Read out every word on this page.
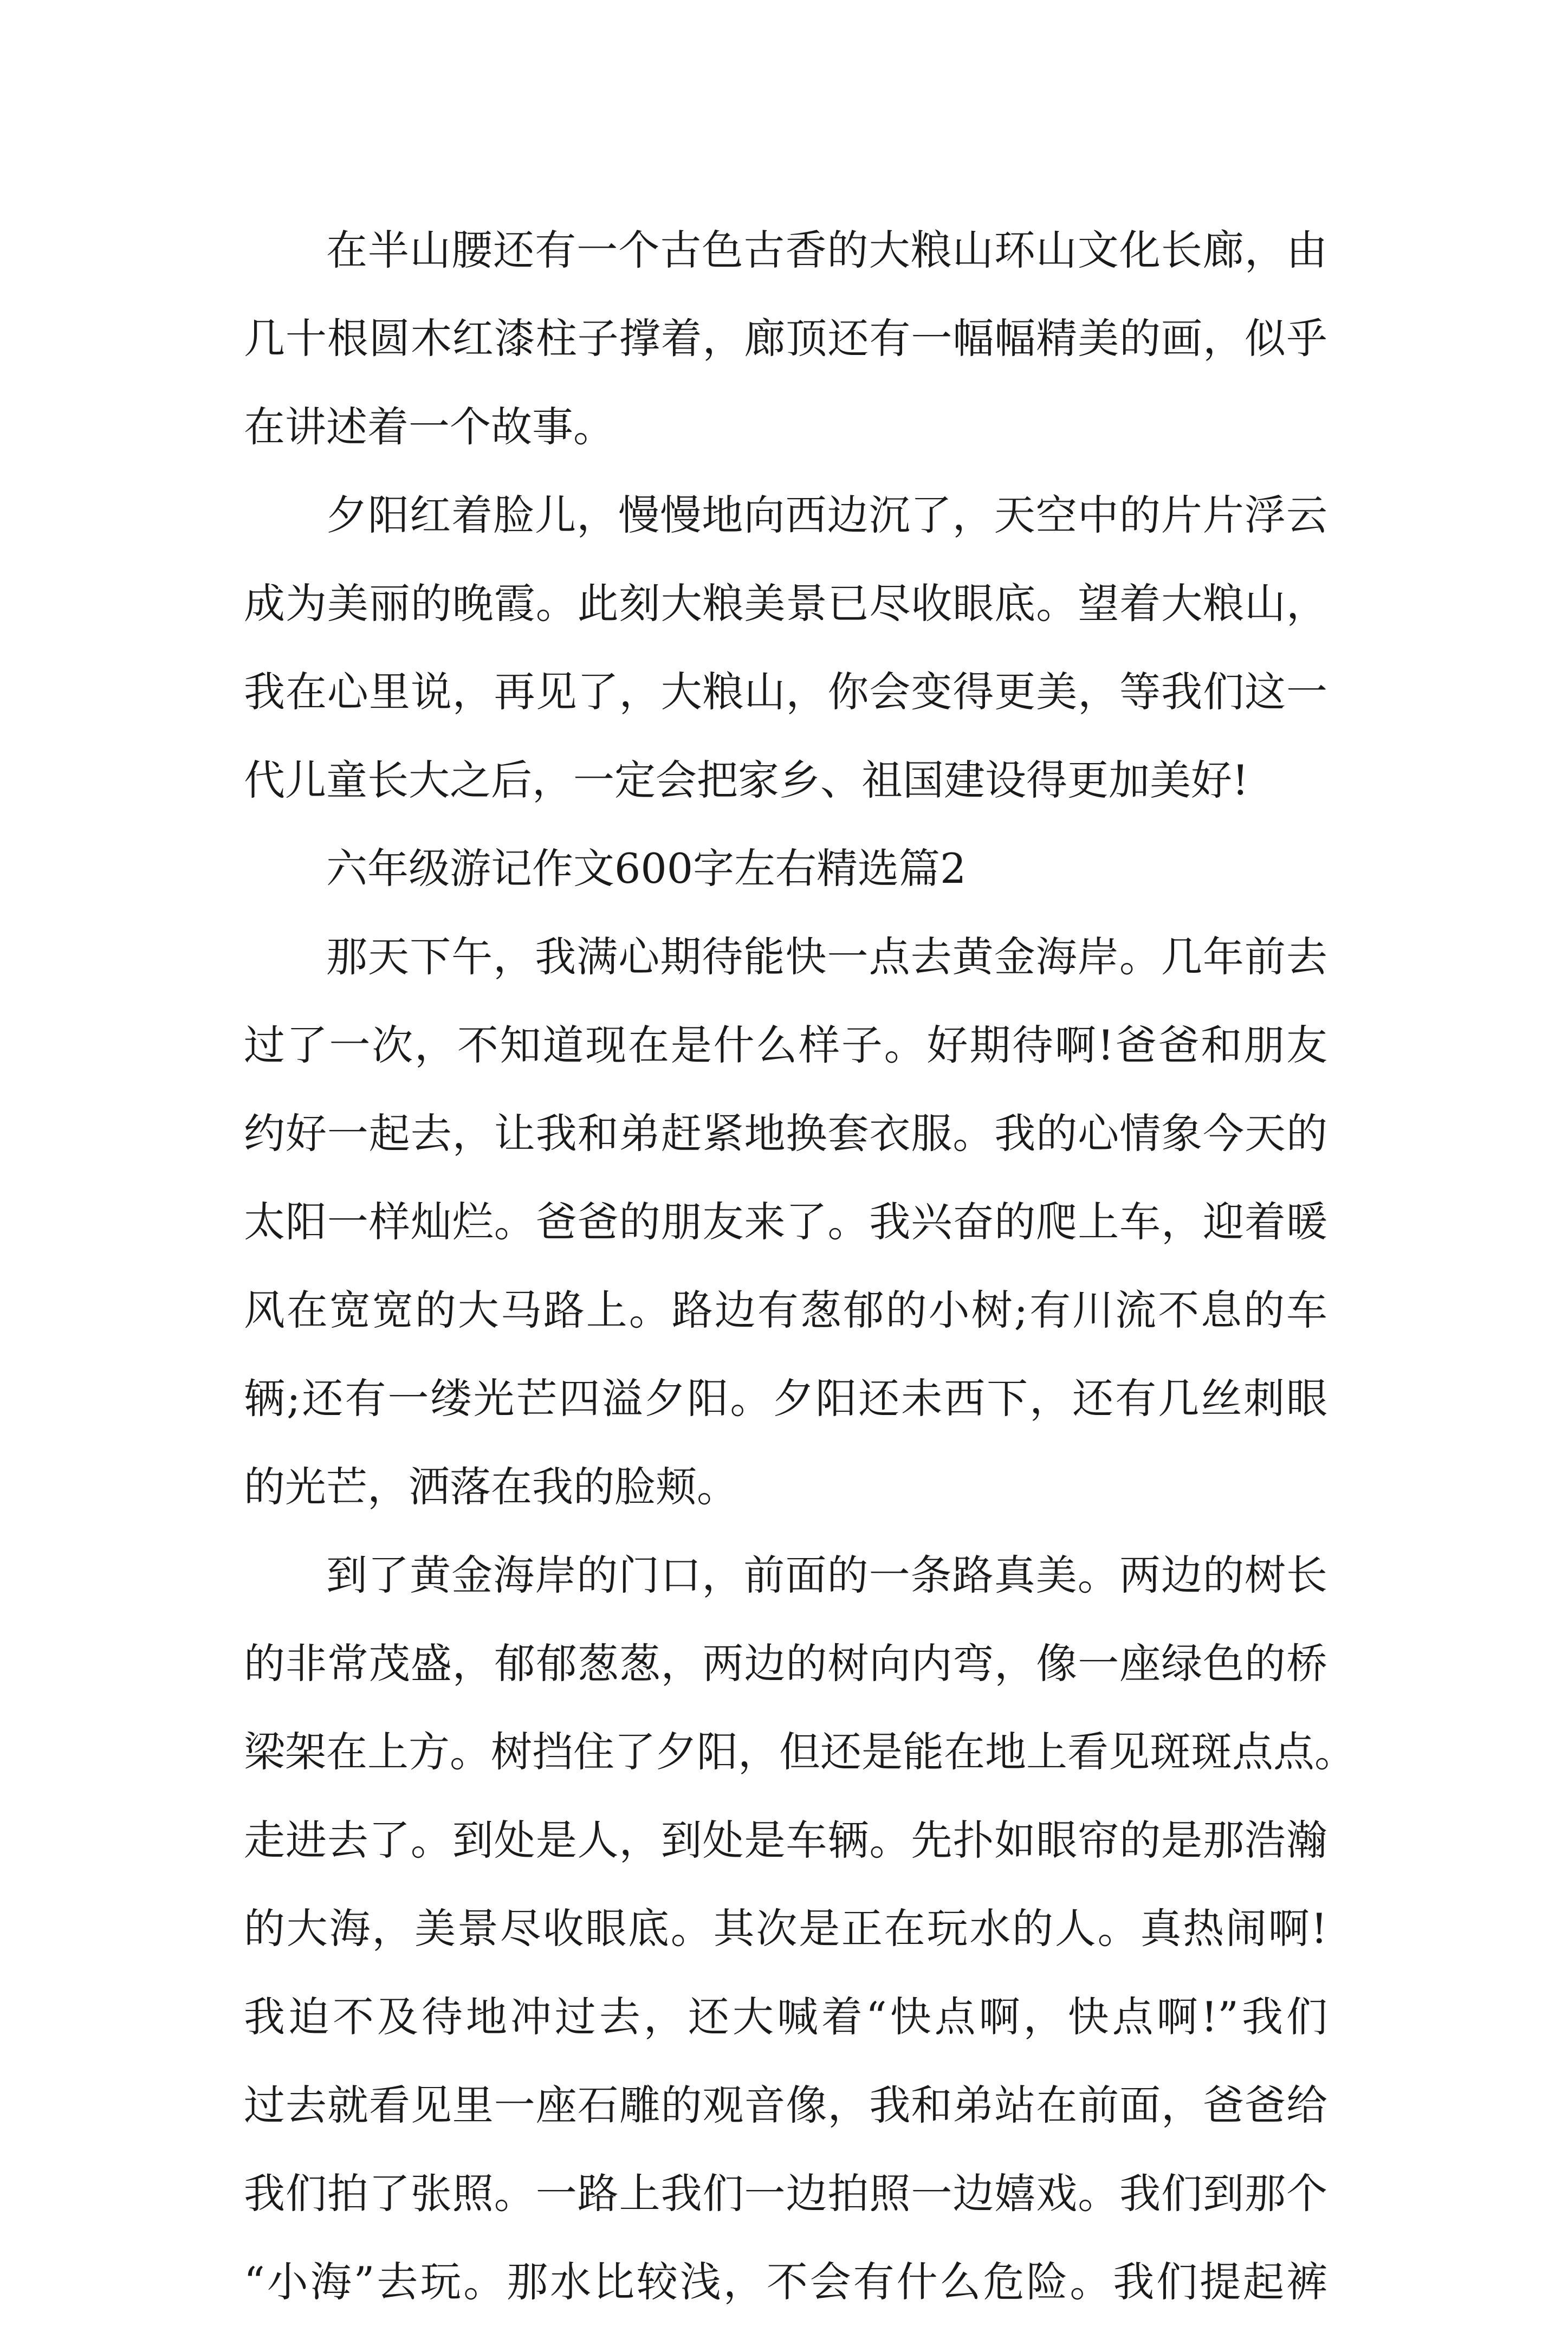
在半山腰还有一个古色古香的大粮山环山文化长廊，由
几十根圆木红漆柱子撑着，廊顶还有一幅幅精美的画，似乎
在讲述着一个故事。
夕阳红着脸儿，慢慢地向西边沉了，天空中的片片浮云
成为美丽的晚霞。此刻大粮美景已尽收眼底。望着大粮山，
我在心里说，再见了，大粮山，你会变得更美，等我们这一
代儿童长大之后，一定会把家乡、祖国建设得更加美好!
六年级游记作文600字左右精选篇2
那天下午，我满心期待能快一点去黄金海岸。几年前去
过了一次，不知道现在是什么样子。好期待啊!爸爸和朋友
约好一起去，让我和弟赶紧地换套衣服。我的心情象今天的
太阳一样灿烂。爸爸的朋友来了。我兴奋的爬上车，迎着暖
风在宽宽的大马路上。路边有葱郁的小树;有川流不息的车
辆;还有一缕光芒四溢夕阳。夕阳还未西下，还有几丝刺眼
的光芒，洒落在我的脸颊。
到了黄金海岸的门口，前面的一条路真美。两边的树长
的非常茂盛，郁郁葱葱，两边的树向内弯，像一座绿色的桥
梁架在上方。树挡住了夕阳，但还是能在地上看见斑斑点点。
走进去了。到处是人，到处是车辆。先扑如眼帘的是那浩瀚
的大海，美景尽收眼底。其次是正在玩水的人。真热闹啊!
我迫不及待地冲过去，还大喊着“快点啊，快点啊!”我们
过去就看见里一座石雕的观音像，我和弟站在前面，爸爸给
我们拍了张照。一路上我们一边拍照一边嬉戏。我们到那个
“小海”去玩。那水比较浅，不会有什么危险。我们提起裤
